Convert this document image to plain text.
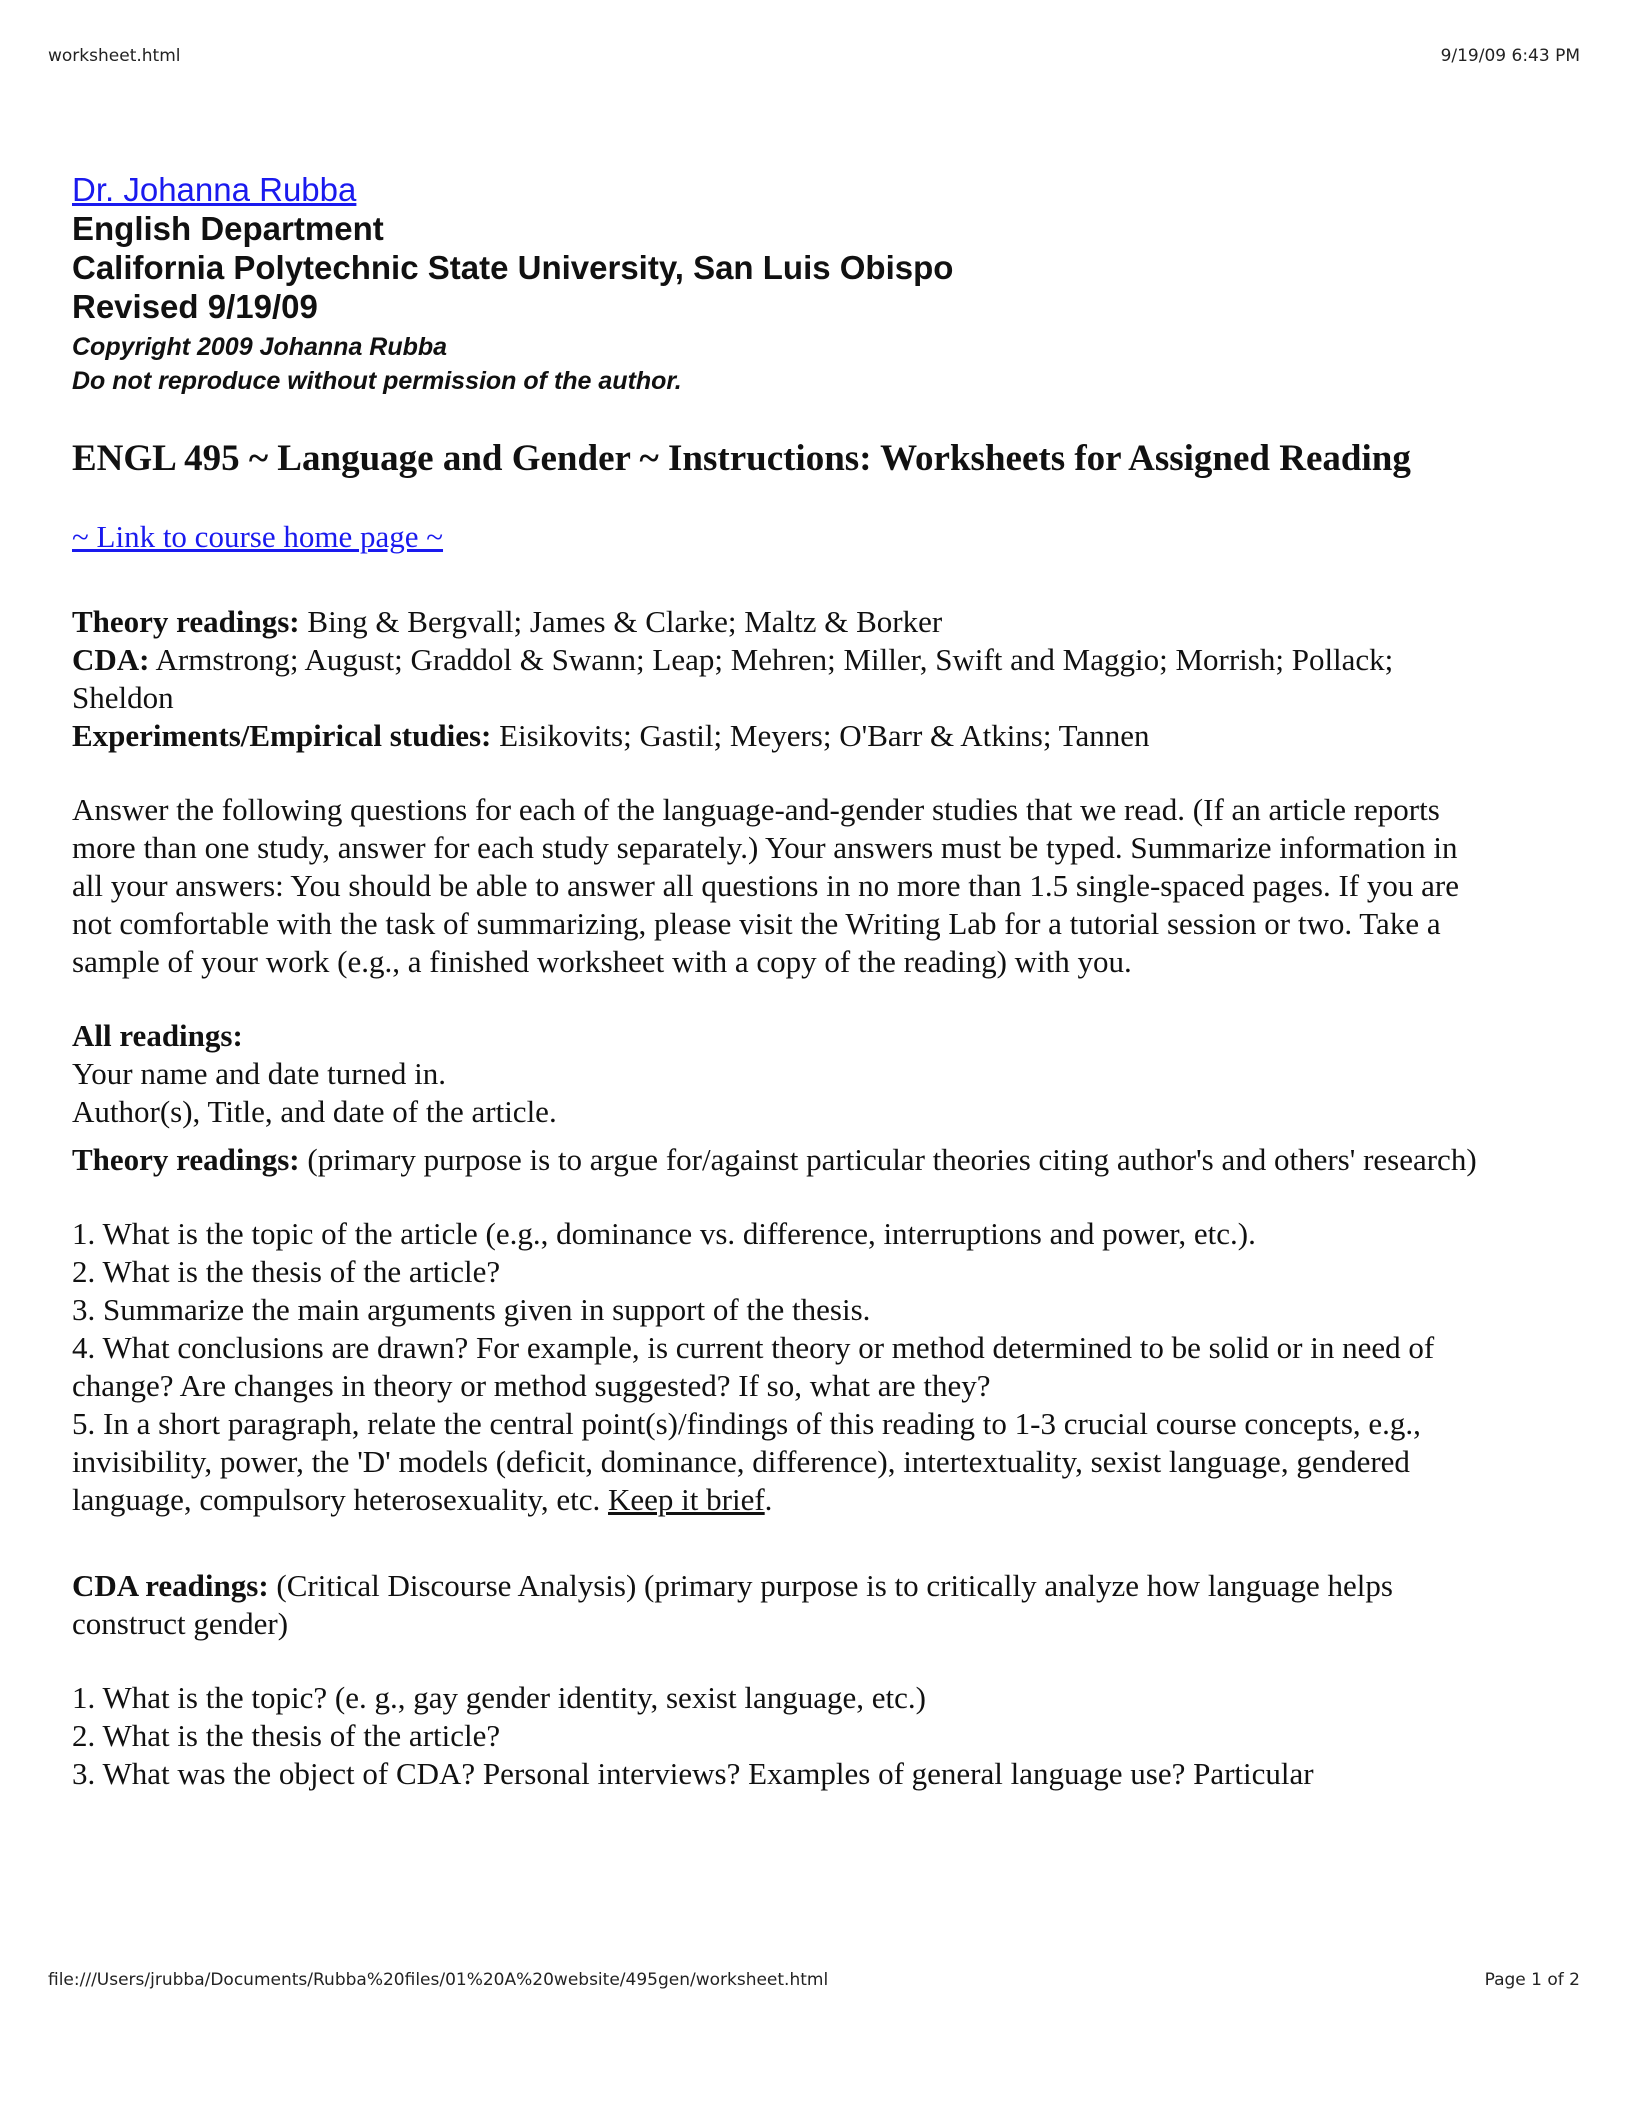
worksheet.html	9/19/09 6:43 PM
Dr. Johanna Rubba
English Department
California Polytechnic State University, San Luis Obispo
Revised 9/19/09
Copyright 2009 Johanna Rubba
Do not reproduce without permission of the author.
ENGL 495 ~ Language and Gender ~ Instructions: Worksheets for Assigned Reading
~ Link to course home page ~
Theory readings: Bing & Bergvall; James & Clarke; Maltz & Borker
CDA: Armstrong; August; Graddol & Swann; Leap; Mehren; Miller, Swift and Maggio; Morrish; Pollack; Sheldon
Experiments/Empirical studies: Eisikovits; Gastil; Meyers; O'Barr & Atkins; Tannen
Answer the following questions for each of the language-and-gender studies that we read. (If an article reports more than one study, answer for each study separately.) Your answers must be typed. Summarize information in all your answers: You should be able to answer all questions in no more than 1.5 single-spaced pages. If you are not comfortable with the task of summarizing, please visit the Writing Lab for a tutorial session or two. Take a sample of your work (e.g., a finished worksheet with a copy of the reading) with you.
All readings:
Your name and date turned in.
Author(s), Title, and date of the article.
Theory readings: (primary purpose is to argue for/against particular theories citing author's and others' research)
1. What is the topic of the article (e.g., dominance vs. difference, interruptions and power, etc.).
2. What is the thesis of the article?
3. Summarize the main arguments given in support of the thesis.
4. What conclusions are drawn? For example, is current theory or method determined to be solid or in need of change? Are changes in theory or method suggested? If so, what are they?
5. In a short paragraph, relate the central point(s)/findings of this reading to 1-3 crucial course concepts, e.g., invisibility, power, the 'D' models (deficit, dominance, difference), intertextuality, sexist language, gendered language, compulsory heterosexuality, etc. Keep it brief.
CDA readings: (Critical Discourse Analysis) (primary purpose is to critically analyze how language helps construct gender)
1. What is the topic? (e. g., gay gender identity, sexist language, etc.)
2. What is the thesis of the article?
3. What was the object of CDA? Personal interviews? Examples of general language use? Particular
file:///Users/jrubba/Documents/Rubba%20files/01%20A%20website/495gen/worksheet.html	Page 1 of 2
